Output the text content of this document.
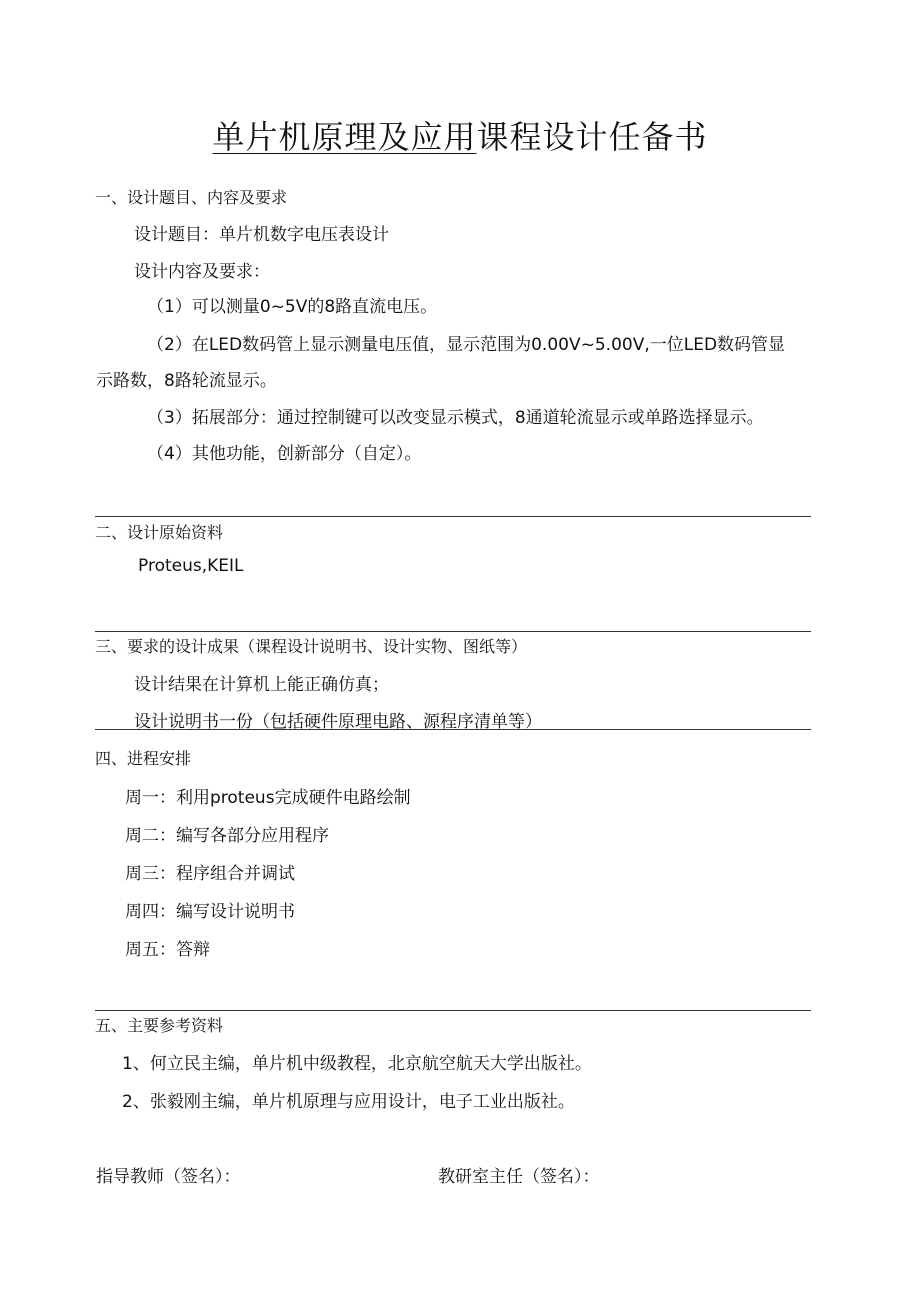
单片机原理及应用课程设计任备书
一、设计题目、内容及要求
设计题目：单片机数字电压表设计
设计内容及要求：
（1）可以测量0~5V的8路直流电压。
（2）在LED数码管上显示测量电压值，显示范围为0.00V~5.00V,一位LED数码管显
示路数，8路轮流显示。
（3）拓展部分：通过控制键可以改变显示模式，8通道轮流显示或单路选择显示。
（4）其他功能，创新部分（自定）。
二、设计原始资料
Proteus,KEIL
三、要求的设计成果（课程设计说明书、设计实物、图纸等）
设计结果在计算机上能正确仿真；
设计说明书一份（包括硬件原理电路、源程序清单等）
四、进程安排
周一：利用proteus完成硬件电路绘制
周二：编写各部分应用程序
周三：程序组合并调试
周四：编写设计说明书
周五：答辩
五、主要参考资料
1、何立民主编，单片机中级教程，北京航空航天大学出版社。
2、张毅刚主编，单片机原理与应用设计，电子工业出版社。
指导教师（签名）：	教研室主任（签名）：
